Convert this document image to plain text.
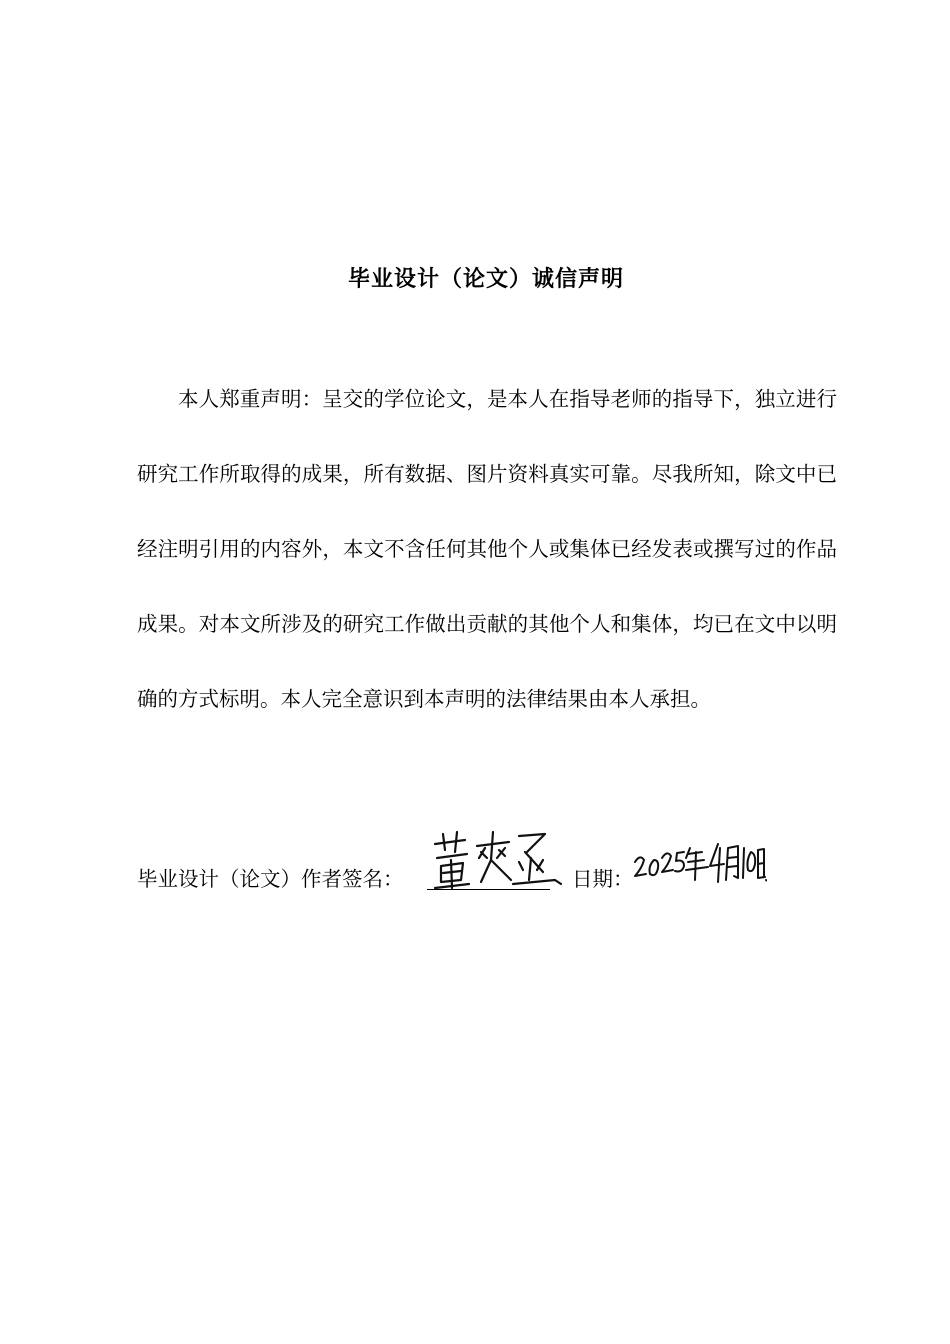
毕业设计（论文）诚信声明

本人郑重声明：呈交的学位论文，是本人在指导老师的指导下，独立进行研究工作所取得的成果，所有数据、图片资料真实可靠。尽我所知，除文中已经注明引用的内容外，本文不含任何其他个人或集体已经发表或撰写过的作品成果。对本文所涉及的研究工作做出贡献的其他个人和集体，均已在文中以明确的方式标明。本人完全意识到本声明的法律结果由本人承担。

毕业设计（论文）作者签名：	日期：
